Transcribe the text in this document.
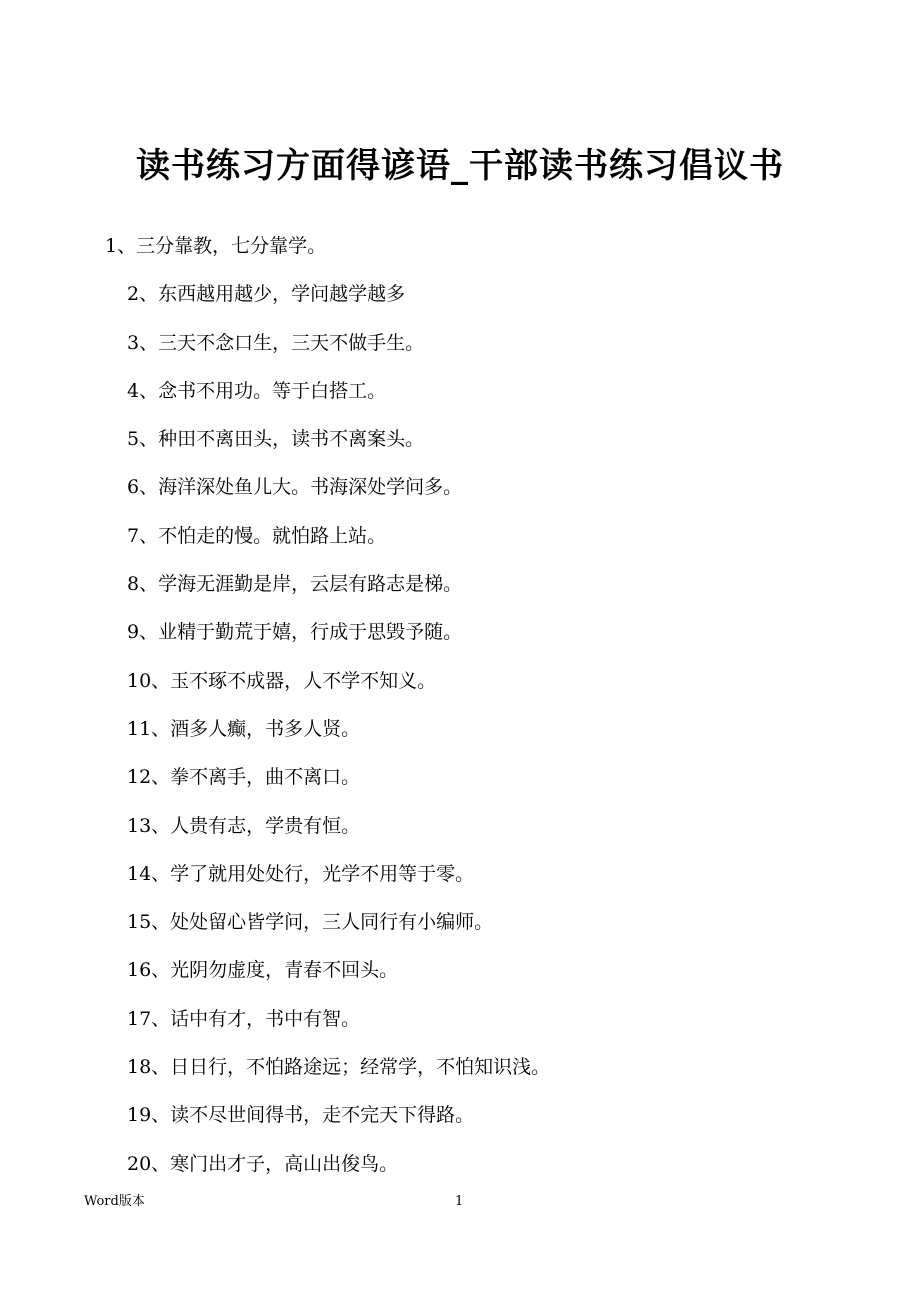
读书练习方面得谚语_干部读书练习倡议书
1、三分靠教，七分靠学。
2、东西越用越少，学问越学越多
3、三天不念口生，三天不做手生。
4、念书不用功。等于白搭工。
5、种田不离田头，读书不离案头。
6、海洋深处鱼儿大。书海深处学问多。
7、不怕走的慢。就怕路上站。
8、学海无涯勤是岸，云层有路志是梯。
9、业精于勤荒于嬉，行成于思毁予随。
10、玉不琢不成器，人不学不知义。
11、酒多人癫，书多人贤。
12、拳不离手，曲不离口。
13、人贵有志，学贵有恒。
14、学了就用处处行，光学不用等于零。
15、处处留心皆学问，三人同行有小编师。
16、光阴勿虚度，青春不回头。
17、话中有才，书中有智。
18、日日行，不怕路途远；经常学，不怕知识浅。
19、读不尽世间得书，走不完天下得路。
20、寒门出才子，高山出俊鸟。
Word版本	1
